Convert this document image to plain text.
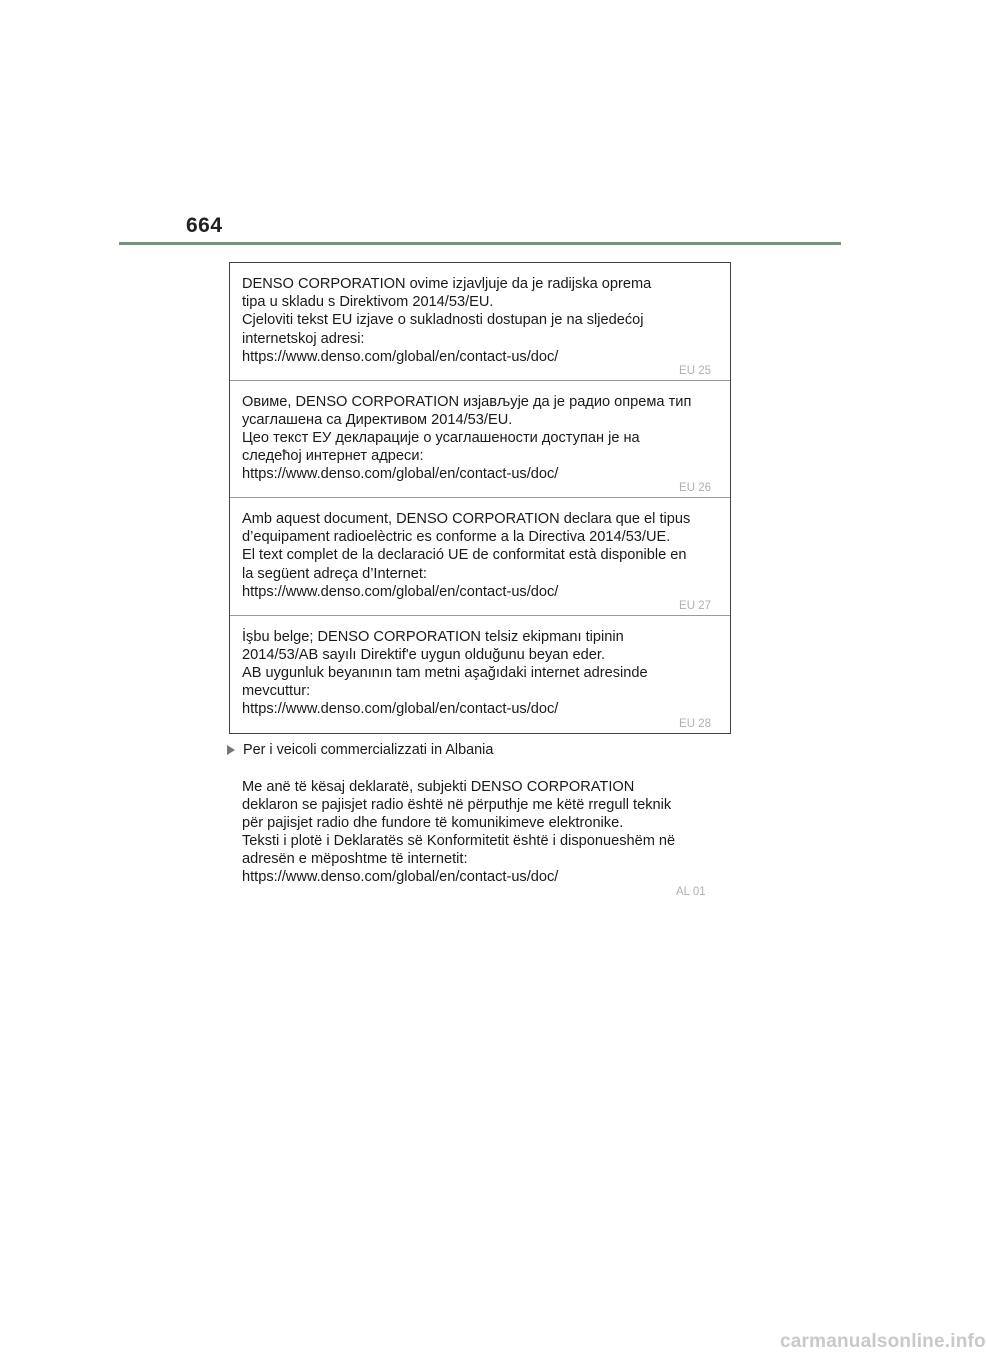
664
DENSO CORPORATION ovime izjavljuje da je radijska oprema
tipa u skladu s Direktivom 2014/53/EU.
Cjeloviti tekst EU izjave o sukladnosti dostupan je na sljedećoj
internetskoj adresi:
https://www.denso.com/global/en/contact-us/doc/
EU 25
Овиме, DENSO CORPORATION изјављује да је радио опрема тип
усаглашена са Директивом 2014/53/EU.
Цео текст ЕУ декларације о усаглашености доступан је на
следећој интернет адреси:
https://www.denso.com/global/en/contact-us/doc/
EU 26
Amb aquest document, DENSO CORPORATION declara que el tipus
d’equipament radioelèctric es conforme a la Directiva 2014/53/UE.
El text complet de la declaració UE de conformitat està disponible en
la següent adreça d’Internet:
https://www.denso.com/global/en/contact-us/doc/
EU 27
İşbu belge; DENSO CORPORATION telsiz ekipmanı tipinin
2014/53/AB sayılı Direktif'e uygun olduğunu beyan eder.
AB uygunluk beyanının tam metni aşağıdaki internet adresinde
mevcuttur:
https://www.denso.com/global/en/contact-us/doc/
EU 28
Per i veicoli commercializzati in Albania
Me anë të kësaj deklaratë, subjekti DENSO CORPORATION
deklaron se pajisjet radio është në përputhje me këtë rregull teknik
për pajisjet radio dhe fundore të komunikimeve elektronike.
Teksti i plotë i Deklaratës së Konformitetit është i disponueshëm në
adresën e mëposhtme të internetit:
https://www.denso.com/global/en/contact-us/doc/
AL 01
carmanualsonline.info
